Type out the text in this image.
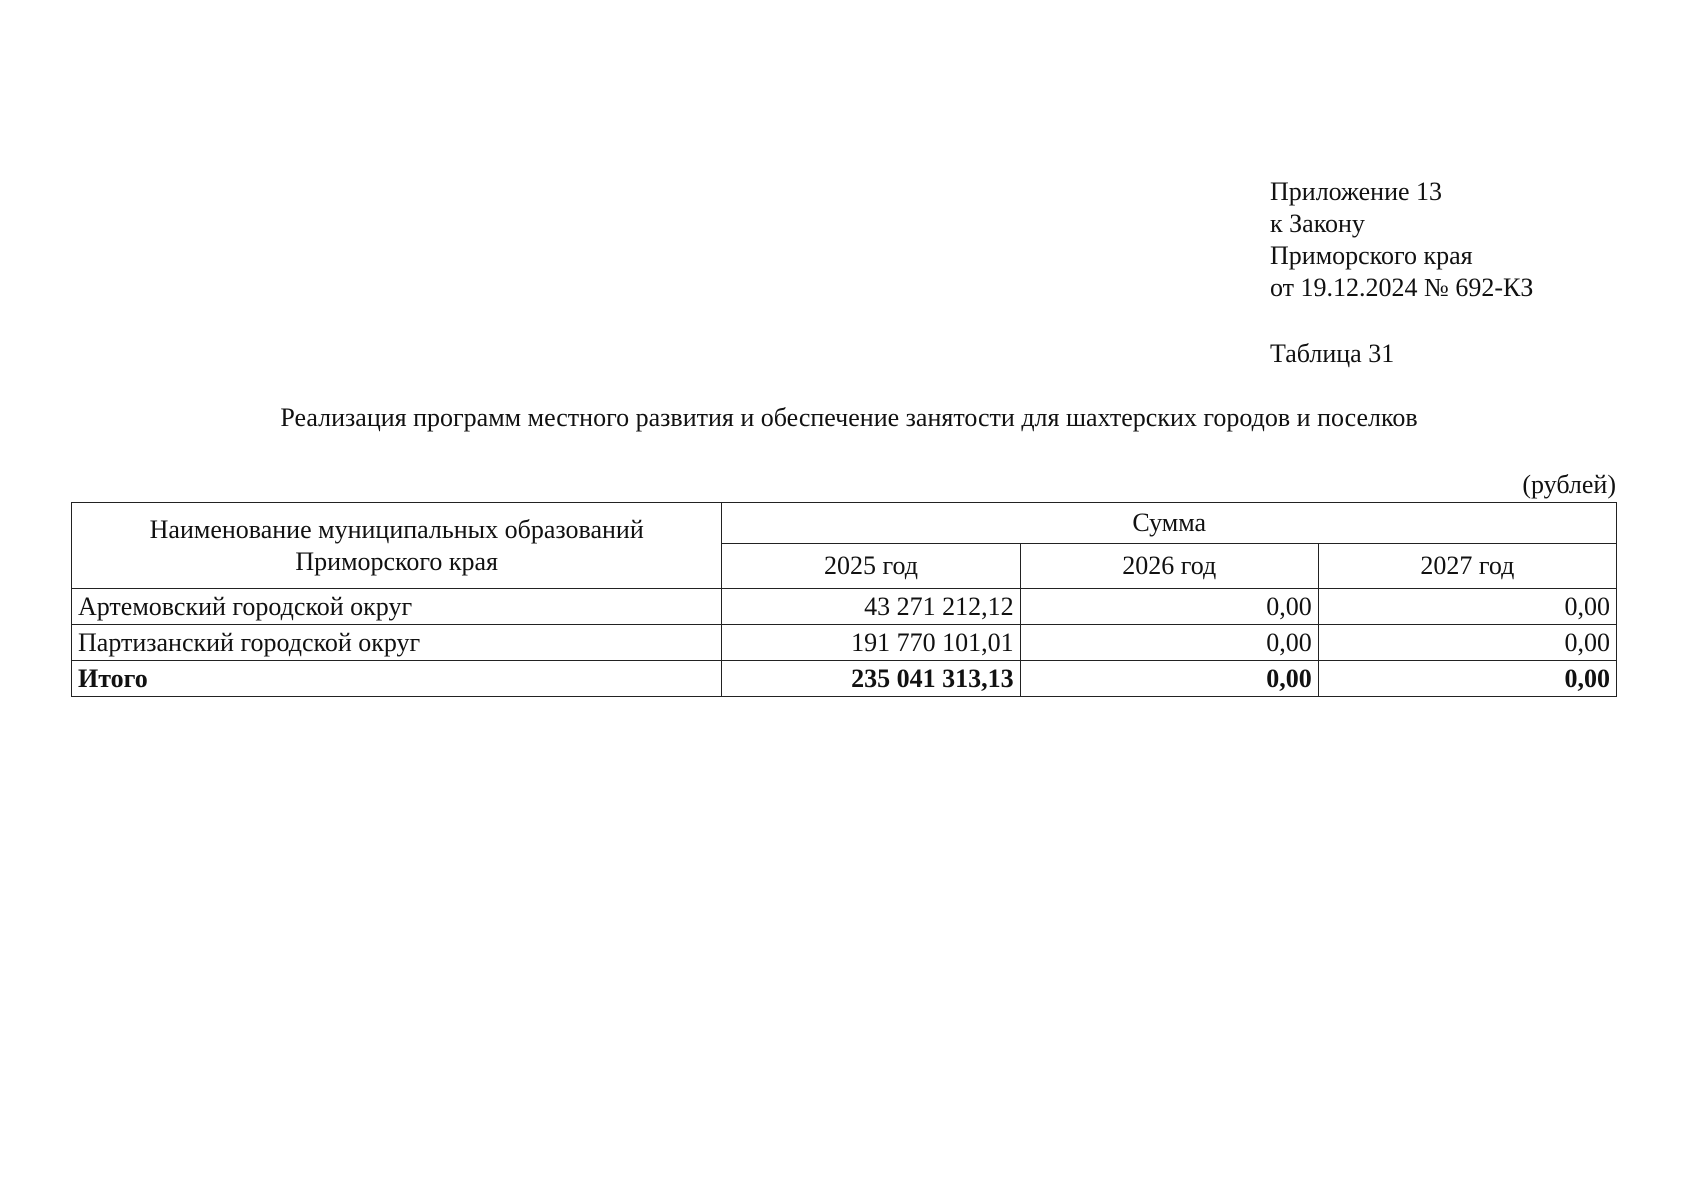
Приложение 13
к Закону
Приморского края
от 19.12.2024 № 692-КЗ
Таблица 31
Реализация программ местного развития и обеспечение занятости для шахтерских городов и поселков
(рублей)
Наименование муниципальных образований
Приморского края	Сумма		
	2025 год	2026 год	2027 год
Артемовский городской округ	43 271 212,12	0,00	0,00
Партизанский городской округ	191 770 101,01	0,00	0,00
Итого	235 041 313,13	0,00	0,00
